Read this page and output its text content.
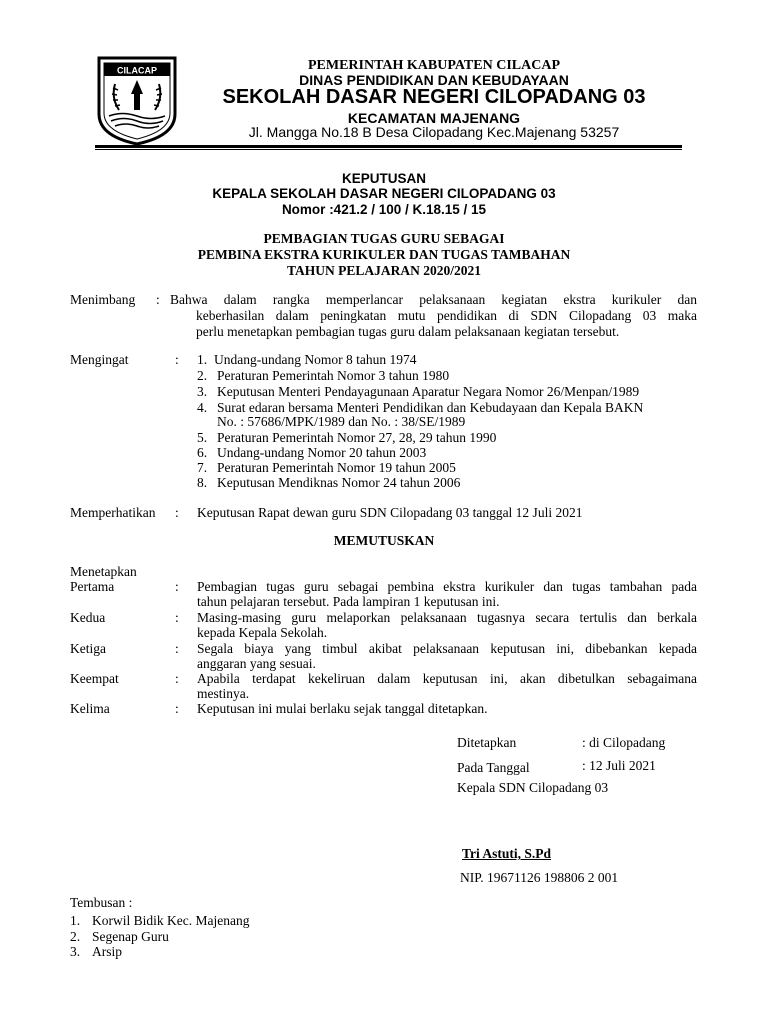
CILACAP	PEMERINTAH KABUPATEN CILACAP
DINAS PENDIDIKAN DAN KEBUDAYAAN
SEKOLAH DASAR NEGERI CILOPADANG 03
KECAMATAN MAJENANG
Jl. Mangga No.18 B Desa Cilopadang Kec.Majenang 53257
KEPUTUSAN
KEPALA SEKOLAH DASAR NEGERI CILOPADANG 03
Nomor :421.2 / 100 / K.18.15 / 15
PEMBAGIAN TUGAS GURU SEBAGAI
PEMBINA EKSTRA KURIKULER DAN TUGAS TAMBAHAN
TAHUN PELAJARAN 2020/2021
Menimbang : Bahwa dalam rangka memperlancar pelaksanaan kegiatan ekstra kurikuler dan
keberhasilan dalam peningkatan mutu pendidikan di SDN Cilopadang 03 maka
perlu menetapkan pembagian tugas guru dalam pelaksanaan kegiatan tersebut.
Mengingat	: 1. Undang-undang Nomor 8 tahun 1974
2. Peraturan Pemerintah Nomor 3 tahun 1980
3. Keputusan Menteri Pendayagunaan Aparatur Negara Nomor 26/Menpan/1989
4. Surat edaran bersama Menteri Pendidikan dan Kebudayaan dan Kepala BAKN
No. : 57686/MPK/1989 dan No. : 38/SE/1989
5. Peraturan Pemerintah Nomor 27, 28, 29 tahun 1990
6. Undang-undang Nomor 20 tahun 2003
7. Peraturan Pemerintah Nomor 19 tahun 2005
8. Keputusan Mendiknas Nomor 24 tahun 2006
Memperhatikan : Keputusan Rapat dewan guru SDN Cilopadang 03 tanggal 12 Juli 2021
MEMUTUSKAN
Menetapkan
Pertama	: Pembagian tugas guru sebagai pembina ekstra kurikuler dan tugas tambahan pada
tahun pelajaran tersebut. Pada lampiran 1 keputusan ini.
Kedua	: Masing-masing guru melaporkan pelaksanaan tugasnya secara tertulis dan berkala
kepada Kepala Sekolah.
Ketiga	: Segala biaya yang timbul akibat pelaksanaan keputusan ini, dibebankan kepada
anggaran yang sesuai.
Keempat	: Apabila terdapat kekeliruan dalam keputusan ini, akan dibetulkan sebagaimana
mestinya.
Kelima	: Keputusan ini mulai berlaku sejak tanggal ditetapkan.
Ditetapkan	: di Cilopadang
Pada Tanggal	: 12 Juli 2021
Kepala SDN Cilopadang 03
Tri Astuti, S.Pd
NIP. 19671126 198806 2 001
Tembusan :
1. Korwil Bidik Kec. Majenang
2. Segenap Guru
3. Arsip
